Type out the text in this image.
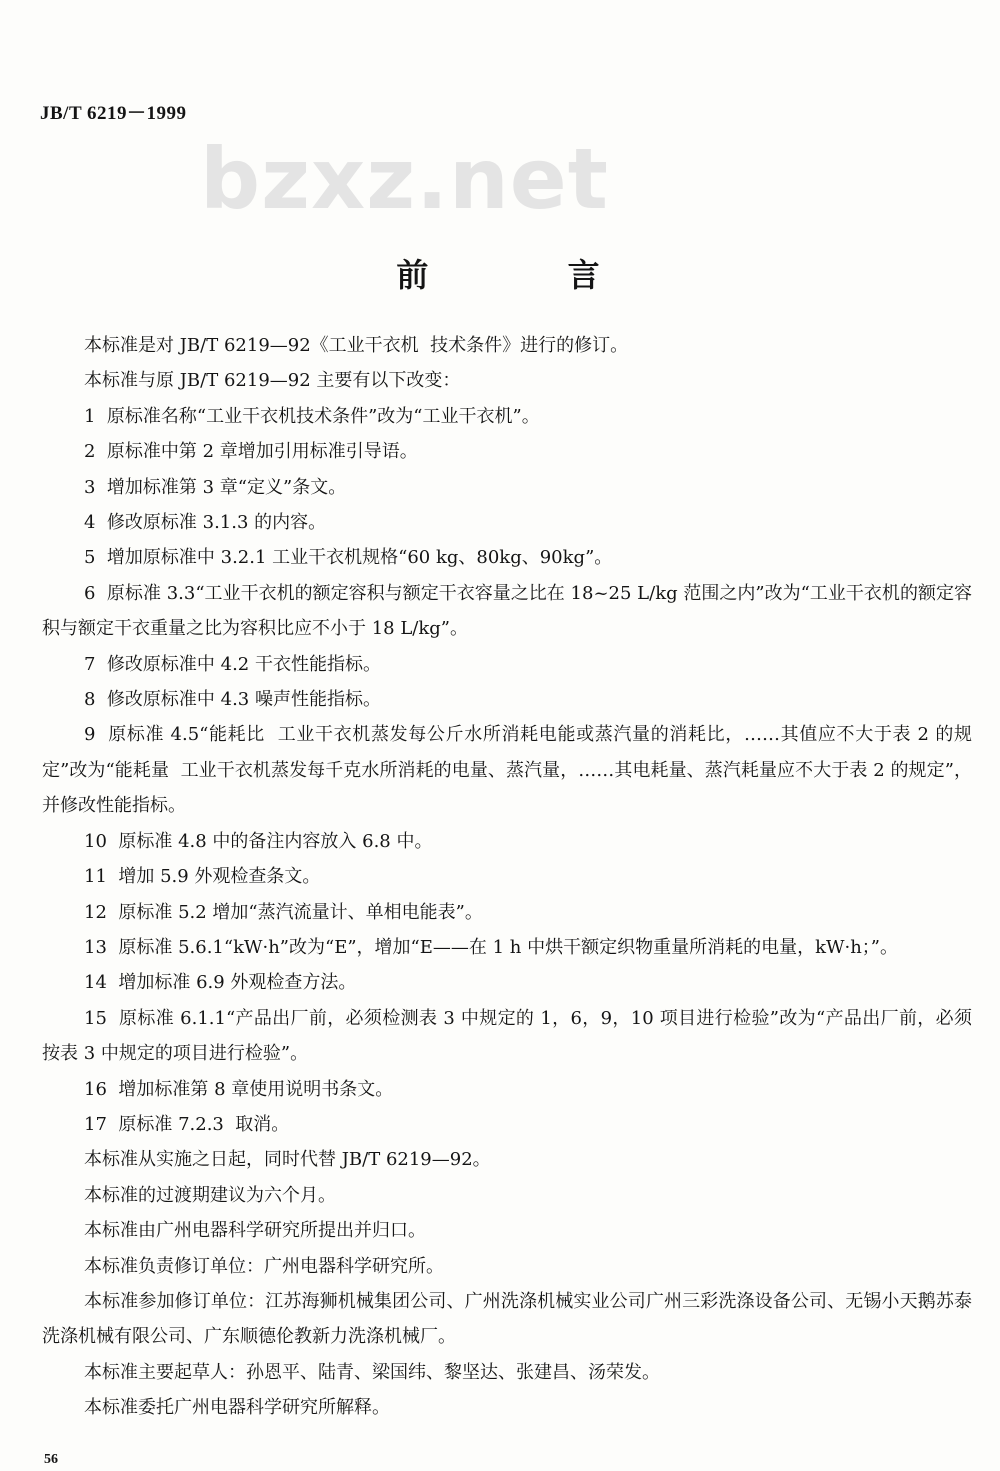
JB/T 6219－1999
bzxz.net
前 言

本标准是对 JB/T 6219—92《工业干衣机  技术条件》进行的修订。

本标准与原 JB/T 6219—92 主要有以下改变：

1  原标准名称“工业干衣机技术条件”改为“工业干衣机”。

2  原标准中第 2 章增加引用标准引导语。

3  增加标准第 3 章“定义”条文。

4  修改原标准 3.1.3 的内容。

5  增加原标准中 3.2.1 工业干衣机规格“60 kg、80kg、90kg”。

6  原标准 3.3“工业干衣机的额定容积与额定干衣容量之比在 18~25 L/kg 范围之内”改为“工业干衣机的额定容积与额定干衣重量之比为容积比应不小于 18 L/kg”。

7  修改原标准中 4.2 干衣性能指标。

8  修改原标准中 4.3 噪声性能指标。

9  原标准 4.5“能耗比  工业干衣机蒸发每公斤水所消耗电能或蒸汽量的消耗比，……其值应不大于表 2 的规定”改为“能耗量  工业干衣机蒸发每千克水所消耗的电量、蒸汽量，……其电耗量、蒸汽耗量应不大于表 2 的规定”，并修改性能指标。

10  原标准 4.8 中的备注内容放入 6.8 中。

11  增加 5.9 外观检查条文。

12  原标准 5.2 增加“蒸汽流量计、单相电能表”。

13  原标准 5.6.1“kW·h”改为“E”，增加“E——在 1 h 中烘干额定织物重量所消耗的电量，kW·h；”。

14  增加标准 6.9 外观检查方法。

15  原标准 6.1.1“产品出厂前，必须检测表 3 中规定的 1，6，9，10 项目进行检验”改为“产品出厂前，必须按表 3 中规定的项目进行检验”。

16  增加标准第 8 章使用说明书条文。

17  原标准 7.2.3  取消。

本标准从实施之日起，同时代替 JB/T 6219—92。

本标准的过渡期建议为六个月。

本标准由广州电器科学研究所提出并归口。

本标准负责修订单位：广州电器科学研究所。

本标准参加修订单位：江苏海狮机械集团公司、广州洗涤机械实业公司广州三彩洗涤设备公司、无锡小天鹅苏泰洗涤机械有限公司、广东顺德伦教新力洗涤机械厂。

本标准主要起草人：孙恩平、陆青、梁国纬、黎坚达、张建昌、汤荣发。

本标准委托广州电器科学研究所解释。

56
